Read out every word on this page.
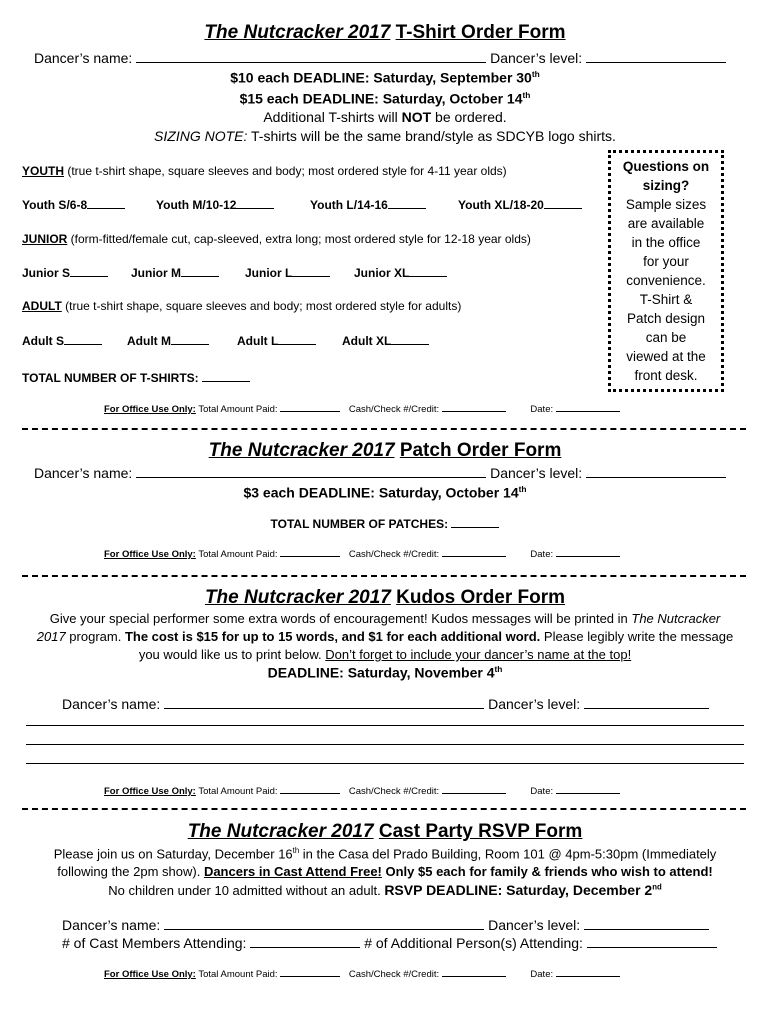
The Nutcracker 2017 T-Shirt Order Form
Dancer’s name:	Dancer’s level:
$10 each DEADLINE: Saturday, September 30th
$15 each DEADLINE: Saturday, October 14th
Additional T-shirts will NOT be ordered.
SIZING NOTE: T-shirts will be the same brand/style as SDCYB logo shirts.
YOUTH (true t-shirt shape, square sleeves and body; most ordered style for 4-11 year olds)
Youth S/6-8	Youth M/10-12	Youth L/14-16	Youth XL/18-20
JUNIOR (form-fitted/female cut, cap-sleeved, extra long; most ordered style for 12-18 year olds)
Junior S	Junior M	Junior L	Junior XL
ADULT (true t-shirt shape, square sleeves and body; most ordered style for adults)
Adult S	Adult M	Adult L	Adult XL
TOTAL NUMBER OF T-SHIRTS:
Questions on
sizing?
Sample sizes
are available
in the office
for your
convenience.
T-Shirt &
Patch design
can be
viewed at the
front desk.
For Office Use Only: Total Amount Paid:	Cash/Check #/Credit:	Date:
The Nutcracker 2017 Patch Order Form
Dancer’s name:	Dancer’s level:
$3 each DEADLINE: Saturday, October 14th
TOTAL NUMBER OF PATCHES:
For Office Use Only: Total Amount Paid:	Cash/Check #/Credit:	Date:
The Nutcracker 2017 Kudos Order Form
Give your special performer some extra words of encouragement! Kudos messages will be printed in The Nutcracker
2017 program. The cost is $15 for up to 15 words, and $1 for each additional word. Please legibly write the message
you would like us to print below. Don’t forget to include your dancer’s name at the top!
DEADLINE: Saturday, November 4th
Dancer’s name:	Dancer’s level:
For Office Use Only: Total Amount Paid:	Cash/Check #/Credit:	Date:
The Nutcracker 2017 Cast Party RSVP Form
Please join us on Saturday, December 16th in the Casa del Prado Building, Room 101 @ 4pm-5:30pm (Immediately
following the 2pm show). Dancers in Cast Attend Free! Only $5 each for family & friends who wish to attend!
No children under 10 admitted without an adult. RSVP DEADLINE: Saturday, December 2nd
Dancer’s name:	Dancer’s level:
# of Cast Members Attending:	# of Additional Person(s) Attending:
For Office Use Only: Total Amount Paid:	Cash/Check #/Credit:	Date:
